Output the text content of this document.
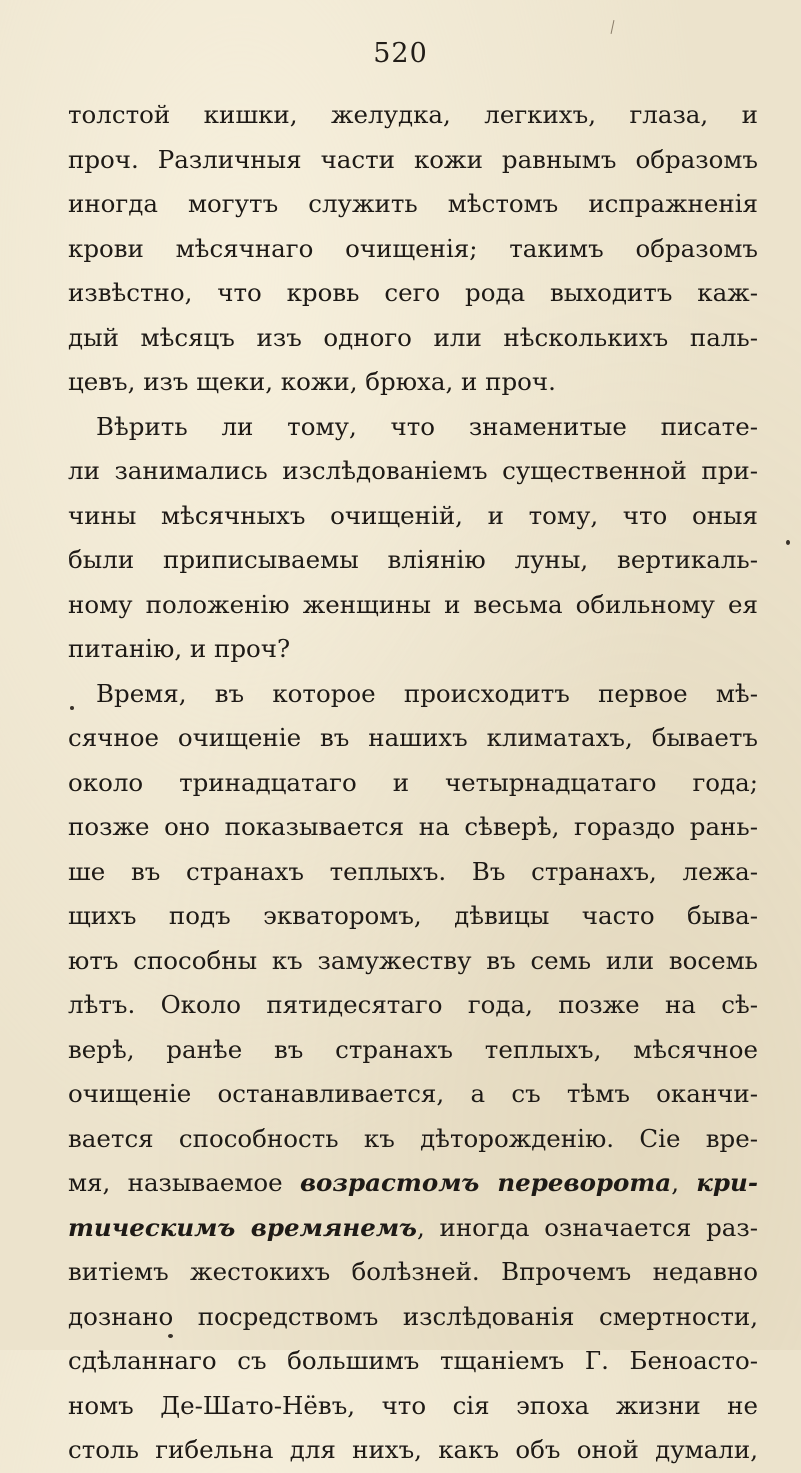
520
толстой кишки, желудка, легкихъ, глаза, и
проч. Различныя части кожи равнымъ образомъ
иногда могутъ служить мѣстомъ испражненія
крови мѣсячнаго очищенія; такимъ образомъ
извѣстно, что кровь сего рода выходитъ каж-
дый мѣсяцъ изъ одного или нѣсколькихъ паль-
цевъ, изъ щеки, кожи, брюха, и проч.
Вѣрить ли тому, что знаменитые писате-
ли занимались изслѣдованіемъ существенной при-
чины мѣсячныхъ очищеній, и тому, что оныя
были приписываемы вліянію луны, вертикаль-
ному положенію женщины и весьма обильному ея
питанію, и проч?
Время, въ которое происходитъ первое мѣ-
сячное очищеніе въ нашихъ климатахъ, бываетъ
около тринадцатаго и четырнадцатаго года;
позже оно показывается на сѣверѣ, гораздо рань-
ше въ странахъ теплыхъ. Въ странахъ, лежа-
щихъ подъ экваторомъ, дѣвицы часто быва-
ютъ способны къ замужеству въ семь или восемь
лѣтъ. Около пятидесятаго года, позже на сѣ-
верѣ, ранѣе въ странахъ теплыхъ, мѣсячное
очищеніе останавливается, а съ тѣмъ оканчи-
вается способность къ дѣторожденію. Сіе вре-
мя, называемое возрастомъ переворота, кри-
тическимъ времянемъ, иногда означается раз-
витіемъ жестокихъ болѣзней. Впрочемъ недавно
дознано посредствомъ изслѣдованія смертности,
сдѣланнаго съ большимъ тщаніемъ Г. Беноастo-
номъ Де-Шато-Нёвъ, что сія эпоха жизни не
столь гибельна для нихъ, какъ объ оной думали,
